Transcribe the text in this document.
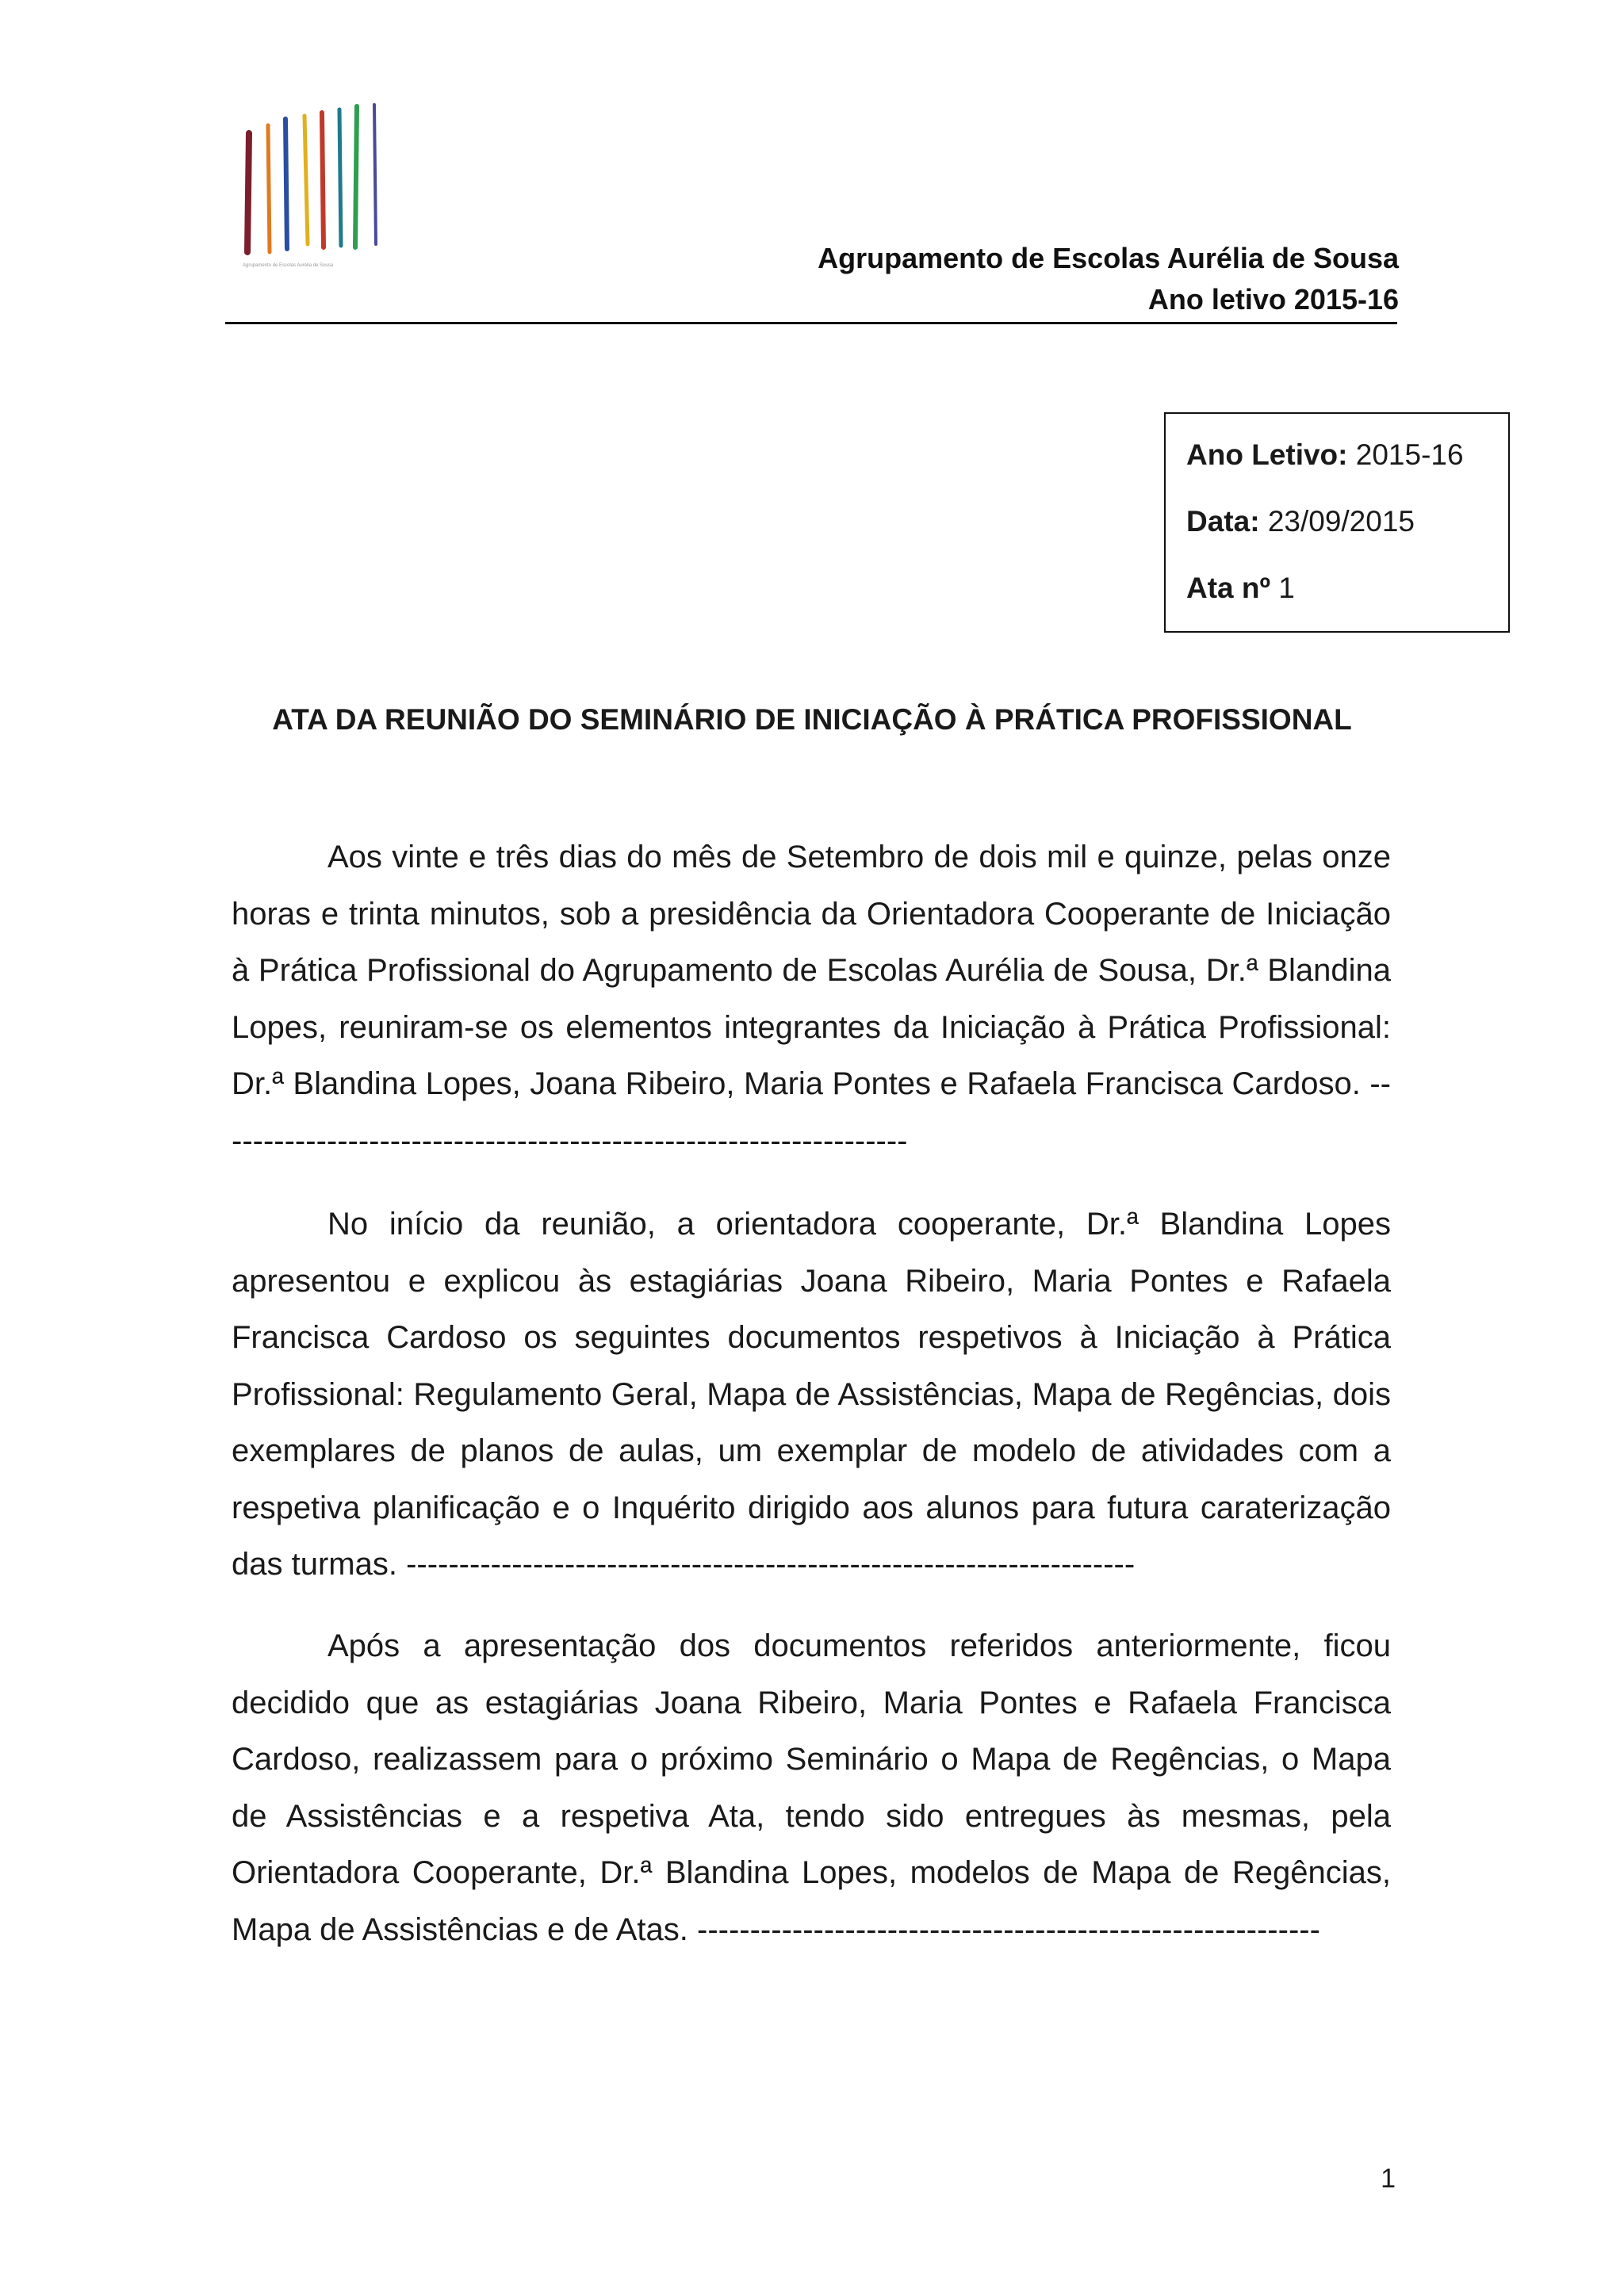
Agrupamento de Escolas Aurélia de Sousa	Agrupamento de Escolas Aurélia de Sousa
Ano letivo 2015-16
Ano Letivo: 2015-16
Data: 23/09/2015
Ata nº 1
ATA DA REUNIÃO DO SEMINÁRIO DE INICIAÇÃO À PRÁTICA PROFISSIONAL

Aos vinte e três dias do mês de Setembro de dois mil e quinze, pelas onze horas e trinta minutos, sob a presidência da Orientadora Cooperante de Iniciação à Prática Profissional do Agrupamento de Escolas Aurélia de Sousa, Dr.ª Blandina Lopes, reuniram-se os elementos integrantes da Iniciação à Prática Profissional: Dr.ª Blandina Lopes, Joana Ribeiro, Maria Pontes e Rafaela Francisca Cardoso. ------------------------------------------------------------------

No início da reunião, a orientadora cooperante, Dr.ª Blandina Lopes apresentou e explicou às estagiárias Joana Ribeiro, Maria Pontes e Rafaela Francisca Cardoso os seguintes documentos respetivos à Iniciação à Prática Profissional: Regulamento Geral, Mapa de Assistências, Mapa de Regências, dois exemplares de planos de aulas, um exemplar de modelo de atividades com a respetiva planificação e o Inquérito dirigido aos alunos para futura caraterização das turmas. ---------------------------------------------------------------------

Após a apresentação dos documentos referidos anteriormente, ficou decidido que as estagiárias Joana Ribeiro, Maria Pontes e Rafaela Francisca Cardoso, realizassem para o próximo Seminário o Mapa de Regências, o Mapa de Assistências e a respetiva Ata, tendo sido entregues às mesmas, pela Orientadora Cooperante, Dr.ª Blandina Lopes, modelos de Mapa de Regências, Mapa de Assistências e de Atas. -----------------------------------------------------------

1
